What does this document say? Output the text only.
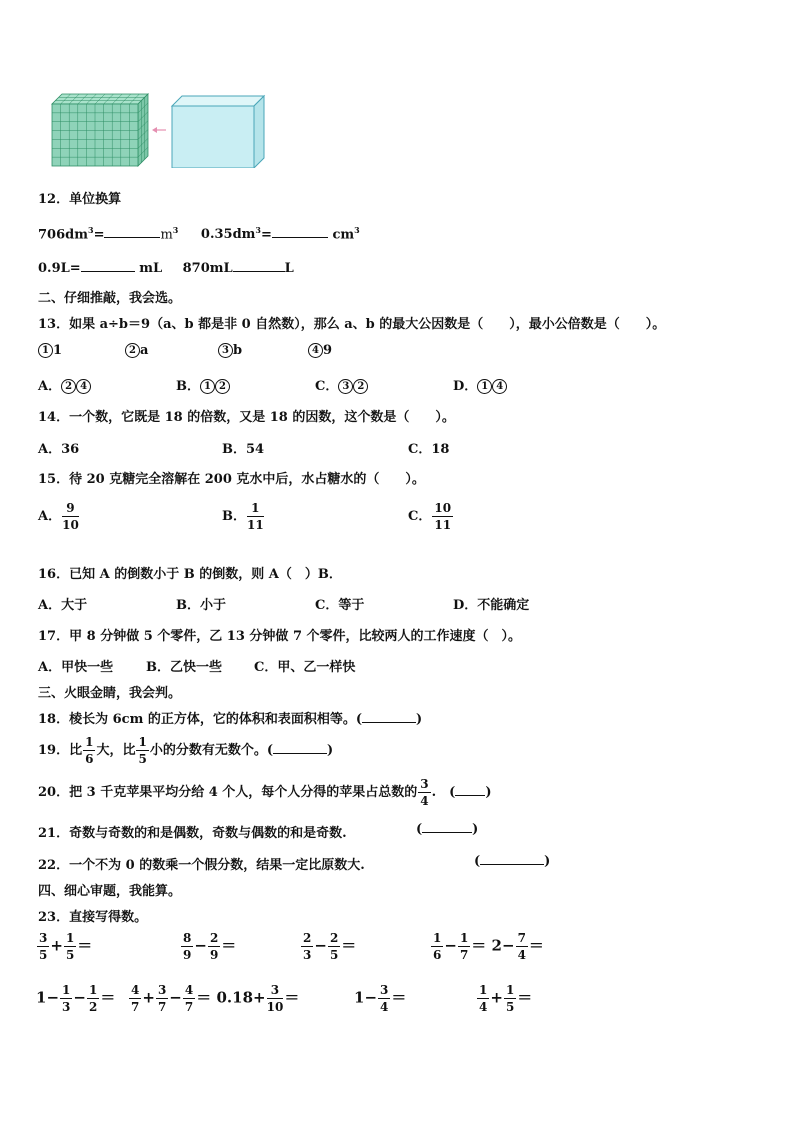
12．单位换算
$706dm^3=$	$m^3$ $0.35dm^3=$	$cm^3$
0.9L=	mL 870mL	L
二、仔细推敲，我会选。
13．如果 a÷b＝9（a、b 都是非 0 自然数），那么 a、b 的最大公因数是（　　），最小公倍数是（　　）。
1 1	2 a	3 b	4 9
A． 2 4	B． 1 2	C． 3 2	D． 1 4
14．一个数，它既是 18 的倍数，又是 18 的因数，这个数是（　　）。
A．36	B．54	C．18
15．待 20 克糖完全溶解在 200 克水中后，水占糖水的（　　）。
A． $\frac{9}{10}$	B． $\frac{1}{11}$	C． $\frac{10}{11}$
16．已知 A 的倒数小于 B 的倒数，则 A（　）B．
A．大于	B．小于	C．等于	D．不能确定
17．甲 8 分钟做 5 个零件，乙 13 分钟做 7 个零件，比较两人的工作速度（　）。
A．甲快一些	B．乙快一些 C．甲、乙一样快
三、火眼金睛，我会判。
18．棱长为 6cm 的正方体，它的体积和表面积相等。(	)
19．比 $\frac{1}{6}$ 大，比 $\frac{1}{5}$ 小的分数有无数个。(	)
20．把 3 千克苹果平均分给 4 个人，每个人分得的苹果占总数的 $\frac{3}{4}$ .　( )
21．奇数与奇数的和是偶数，奇数与偶数的和是奇数.	(	)
22．一个不为 0 的数乘一个假分数，结果一定比原数大.	(	)
四、细心审题，我能算。
23．直接写得数。
$\frac{3}{5} + \frac{1}{5}$ ＝	$\frac{8}{9} - \frac{2}{9}$ ＝	$\frac{2}{3} - \frac{2}{5}$ ＝	$\frac{1}{6} - \frac{1}{7} = 2- \frac{7}{4}$ ＝
$1- \frac{1}{3} - \frac{1}{2} = \frac{4}{7} + \frac{3}{7} - \frac{4}{7} = 0.18+ \frac{3}{10}$ ＝	$1- \frac{3}{4}$ ＝	$\frac{1}{4} + \frac{1}{5}$ ＝
